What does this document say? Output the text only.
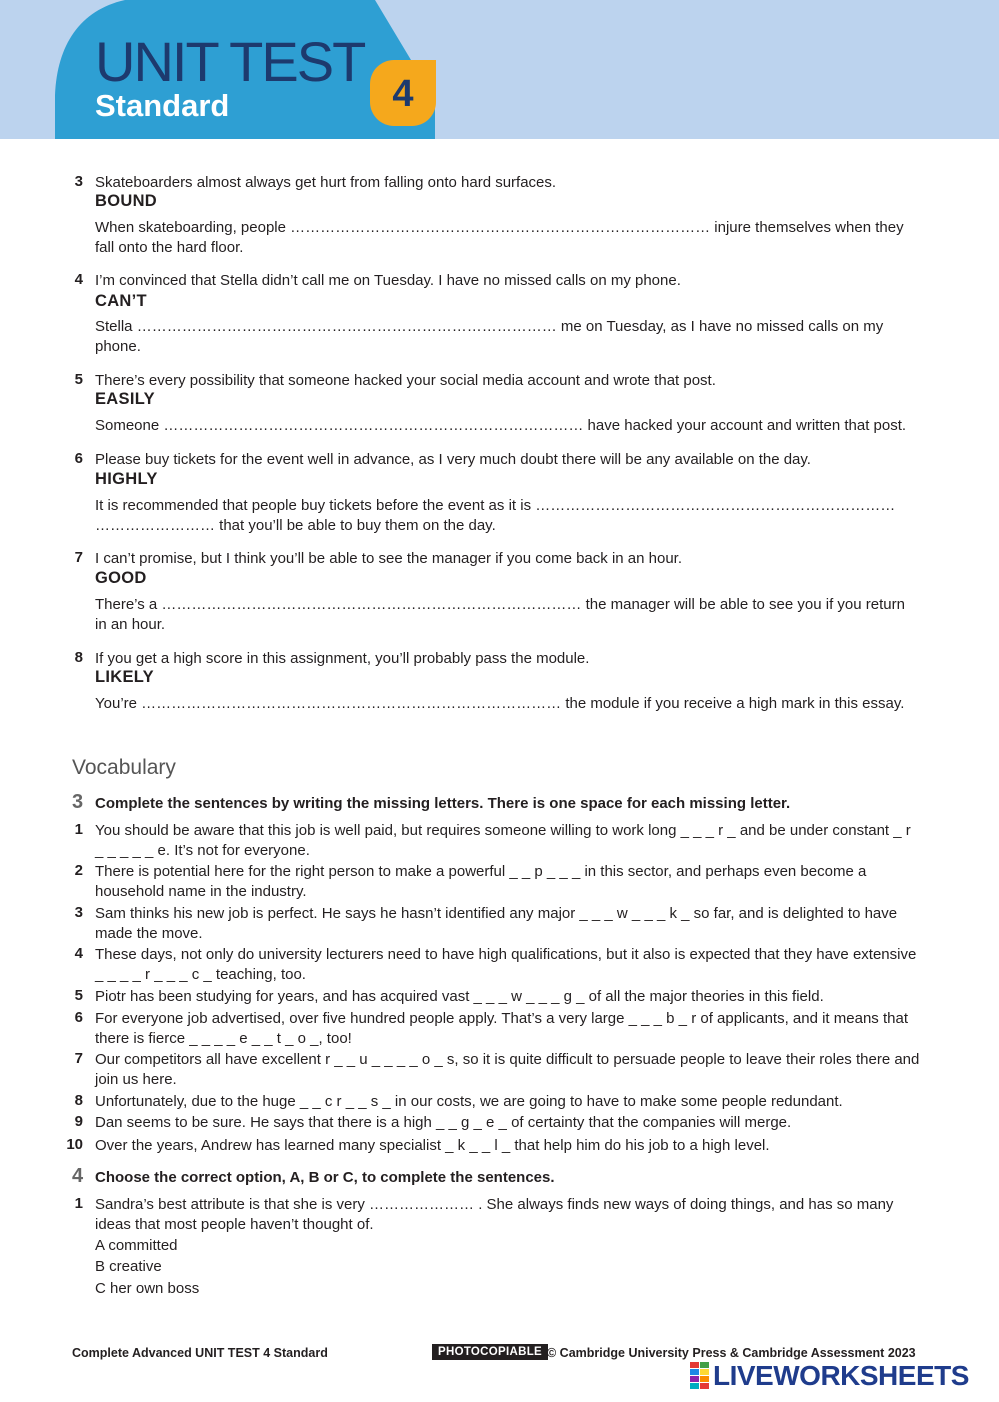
UNIT TEST
Standard	4
3 Skateboarders almost always get hurt from falling onto hard surfaces.
BOUND
When skateboarding, people ………………………………………………………………………… injure themselves when they fall onto the hard floor.
4 I’m convinced that Stella didn’t call me on Tuesday. I have no missed calls on my phone.
CAN’T
Stella ………………………………………………………………………… me on Tuesday, as I have no missed calls on my phone.
5 There’s every possibility that someone hacked your social media account and wrote that post.
EASILY
Someone ………………………………………………………………………… have hacked your account and written that post.
6 Please buy tickets for the event well in advance, as I very much doubt there will be any available on the day.
HIGHLY
It is recommended that people buy tickets before the event as it is ……………………………………………………………… …………………… that you’ll be able to buy them on the day.
7 I can’t promise, but I think you’ll be able to see the manager if you come back in an hour.
GOOD
There’s a ………………………………………………………………………… the manager will be able to see you if you return in an hour.
8 If you get a high score in this assignment, you’ll probably pass the module.
LIKELY
You’re ………………………………………………………………………… the module if you receive a high mark in this essay.
Vocabulary
3 Complete the sentences by writing the missing letters. There is one space for each missing letter.
1 You should be aware that this job is well paid, but requires someone willing to work long _ _ _ r _ and be under constant _ r _ _ _ _ _ e. It’s not for everyone.
2 There is potential here for the right person to make a powerful _ _ p _ _ _ in this sector, and perhaps even become a household name in the industry.
3 Sam thinks his new job is perfect. He says he hasn’t identified any major _ _ _ w _ _ _ k _ so far, and is delighted to have made the move.
4 These days, not only do university lecturers need to have high qualifications, but it also is expected that they have extensive _ _ _ _ r _ _ _ c _ teaching, too.
5 Piotr has been studying for years, and has acquired vast _ _ _ w _ _ _ g _ of all the major theories in this field.
6 For everyone job advertised, over five hundred people apply. That’s a very large _ _ _ b _ r of applicants, and it means that there is fierce _ _ _ _ e _ _ t _ o _, too!
7 Our competitors all have excellent r _ _ u _ _ _ _ o _ s, so it is quite difficult to persuade people to leave their roles there and join us here.
8 Unfortunately, due to the huge _ _ c r _ _ s _ in our costs, we are going to have to make some people redundant.
9 Dan seems to be sure. He says that there is a high _ _ g _ e _ of certainty that the companies will merge.
10 Over the years, Andrew has learned many specialist _ k _ _ l _ that help him do his job to a high level.
4 Choose the correct option, A, B or C, to complete the sentences.
1 Sandra’s best attribute is that she is very ………………… . She always finds new ways of doing things, and has so many ideas that most people haven’t thought of.
A committed
B creative
C her own boss
Complete Advanced UNIT TEST 4 Standard	PHOTOCOPIABLE © Cambridge University Press & Cambridge Assessment 2023
LIVEWORKSHEETS
